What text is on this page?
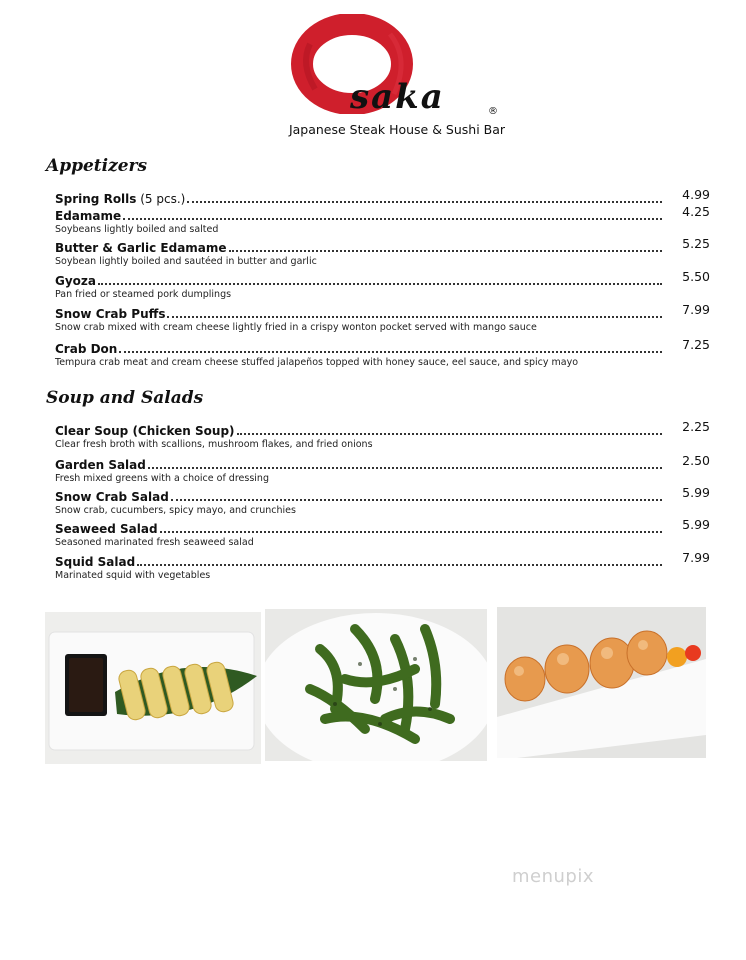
saka	®
Japanese Steak House & Sushi Bar
Appetizers
Spring Rolls (5 pcs.)	4.99
Edamame	4.25
Soybeans lightly boiled and salted
Butter & Garlic Edamame	5.25
Soybean lightly boiled and sautéed in butter and garlic
Gyoza	5.50
Pan fried or steamed pork dumplings
Snow Crab Puffs	7.99
Snow crab mixed with cream cheese lightly fried in a crispy wonton pocket served with mango sauce
Crab Don	7.25
Tempura crab meat and cream cheese stuffed jalapeños topped with honey sauce, eel sauce, and spicy mayo
Soup and Salads
Clear Soup (Chicken Soup)	2.25
Clear fresh broth with scallions, mushroom flakes, and fried onions
Garden Salad	2.50
Fresh mixed greens with a choice of dressing
Snow Crab Salad	5.99
Snow crab, cucumbers, spicy mayo, and crunchies
Seaweed Salad	5.99
Seasoned marinated fresh seaweed salad
Squid Salad	7.99
Marinated squid with vegetables
menupix
